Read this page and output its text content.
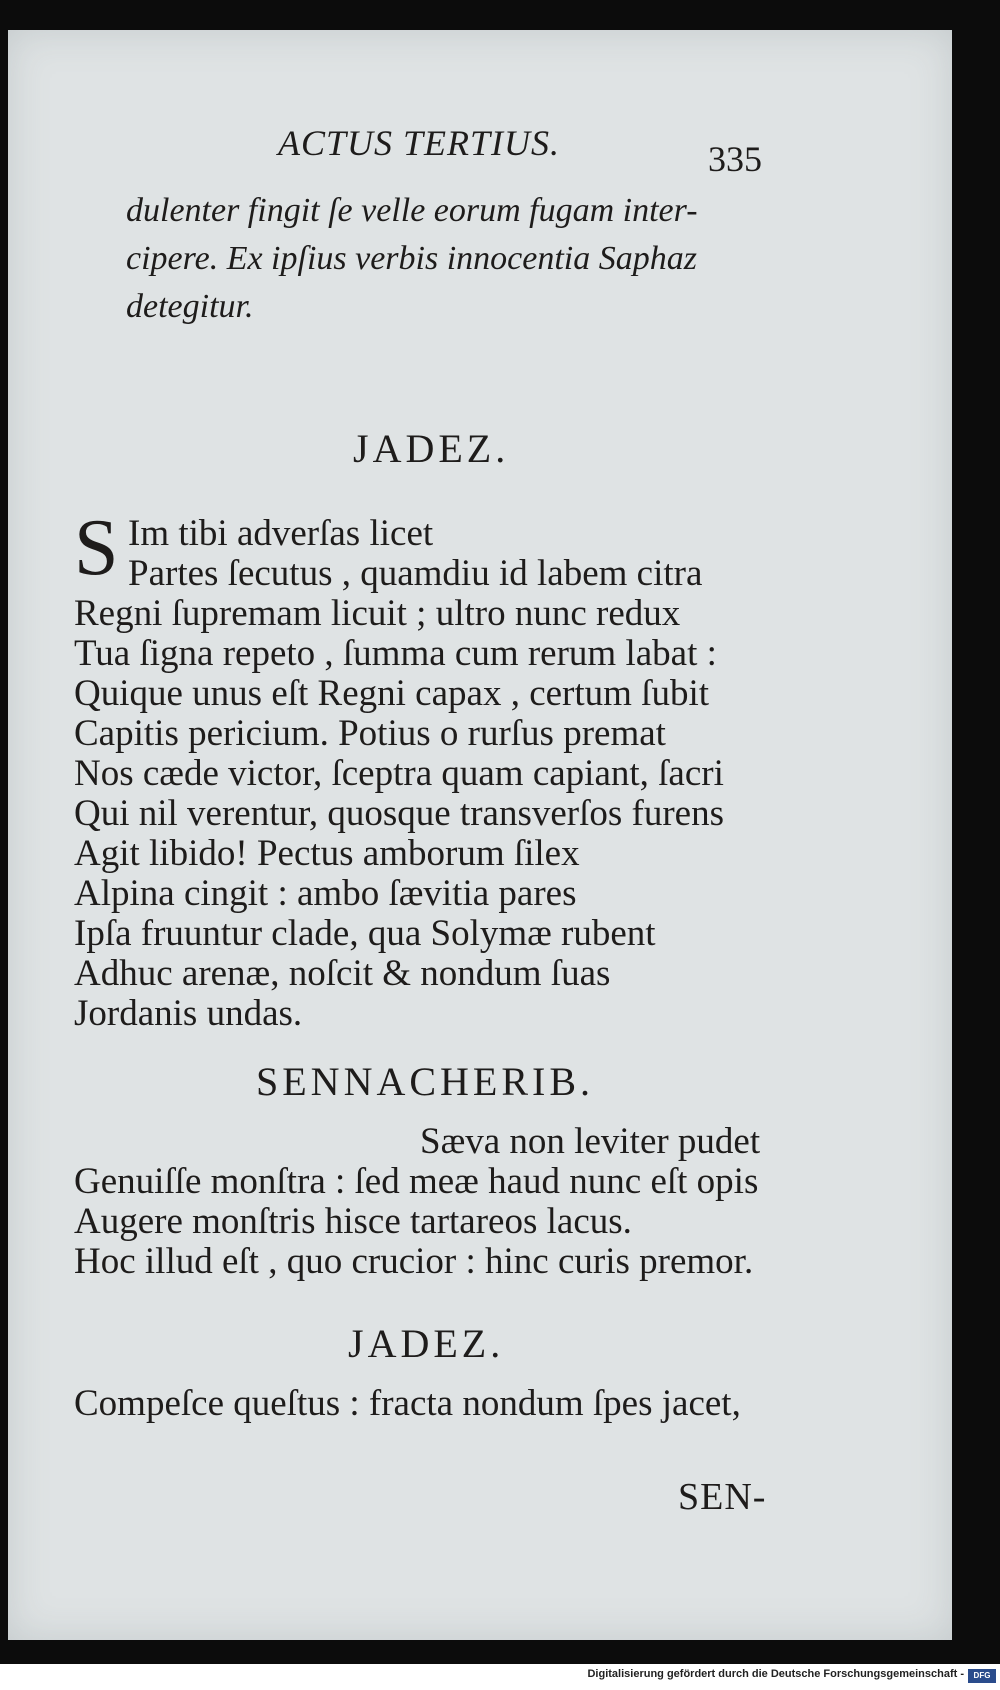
ACTUS TERTIUS.	335
dulenter fingit ſe velle eorum fugam inter-
cipere. Ex ipſius verbis innocentia Saphaz
detegitur.
JADEZ.
S Im tibi adverſas licet
Partes ſecutus , quamdiu id labem citra
Regni ſupremam licuit ; ultro nunc redux
Tua ſigna repeto , ſumma cum rerum labat :
Quique unus eſt Regni capax , certum ſubit
Capitis pericium. Potius o rurſus premat
Nos cæde victor, ſceptra quam capiant, ſacri
Qui nil verentur, quosque transverſos furens
Agit libido! Pectus amborum ſilex
Alpina cingit : ambo ſævitia pares
Ipſa fruuntur clade, qua Solymæ rubent
Adhuc arenæ, noſcit & nondum ſuas
Jordanis undas.
SENNACHERIB.
Sæva non leviter pudet
Genuiſſe monſtra : ſed meæ haud nunc eſt opis
Augere monſtris hisce tartareos lacus.
Hoc illud eſt , quo crucior : hinc curis premor.
JADEZ.
Compeſce queſtus : fracta nondum ſpes jacet,
SEN-
Digitalisierung gefördert durch die Deutsche Forschungsgemeinschaft -	DFG
